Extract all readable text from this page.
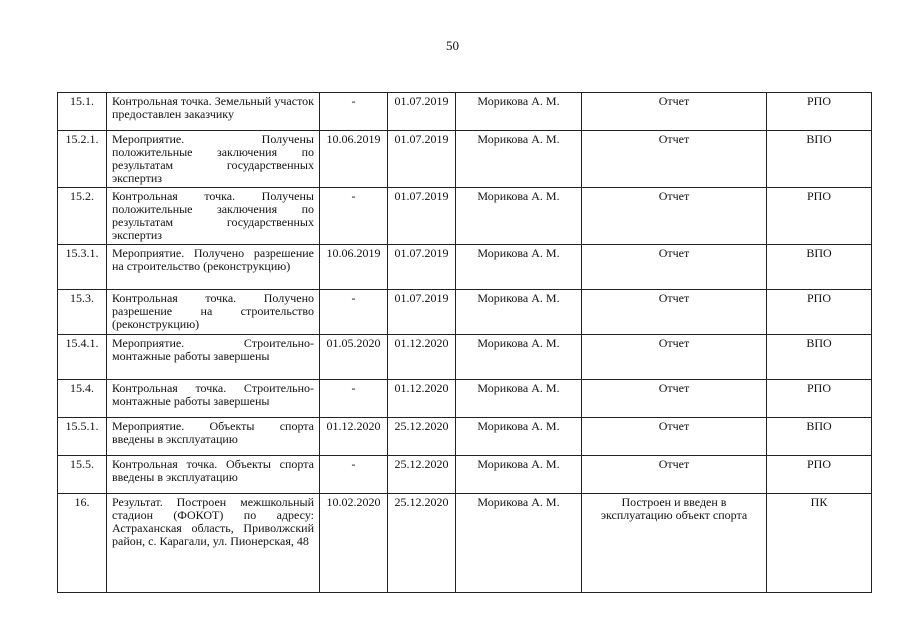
50
15.1.	Контрольная точка. Земельный участок предоставлен заказчику	-	01.07.2019	Морикова А. М.	Отчет	РПО
15.2.1.	Мероприятие. Получены положительные заключения по результатам государственных экспертиз	10.06.2019	01.07.2019	Морикова А. М.	Отчет	ВПО
15.2.	Контрольная точка. Получены положительные заключения по результатам государственных экспертиз	-	01.07.2019	Морикова А. М.	Отчет	РПО
15.3.1.	Мероприятие. Получено разрешение на строительство (реконструкцию)	10.06.2019	01.07.2019	Морикова А. М.	Отчет	ВПО
15.3.	Контрольная точка. Получено разрешение на строительство (реконструкцию)	-	01.07.2019	Морикова А. М.	Отчет	РПО
15.4.1.	Мероприятие. Строительно-монтажные работы завершены	01.05.2020	01.12.2020	Морикова А. М.	Отчет	ВПО
15.4.	Контрольная точка. Строительно-монтажные работы завершены	-	01.12.2020	Морикова А. М.	Отчет	РПО
15.5.1.	Мероприятие. Объекты спорта введены в эксплуатацию	01.12.2020	25.12.2020	Морикова А. М.	Отчет	ВПО
15.5.	Контрольная точка. Объекты спорта введены в эксплуатацию	-	25.12.2020	Морикова А. М.	Отчет	РПО
16.	Результат. Построен межшкольный стадион (ФОКОТ) по адресу: Астраханская область, Приволжский район, с. Карагали, ул. Пионерская, 48	10.02.2020	25.12.2020	Морикова А. М.	Построен и введен в эксплуатацию объект спорта	ПК
